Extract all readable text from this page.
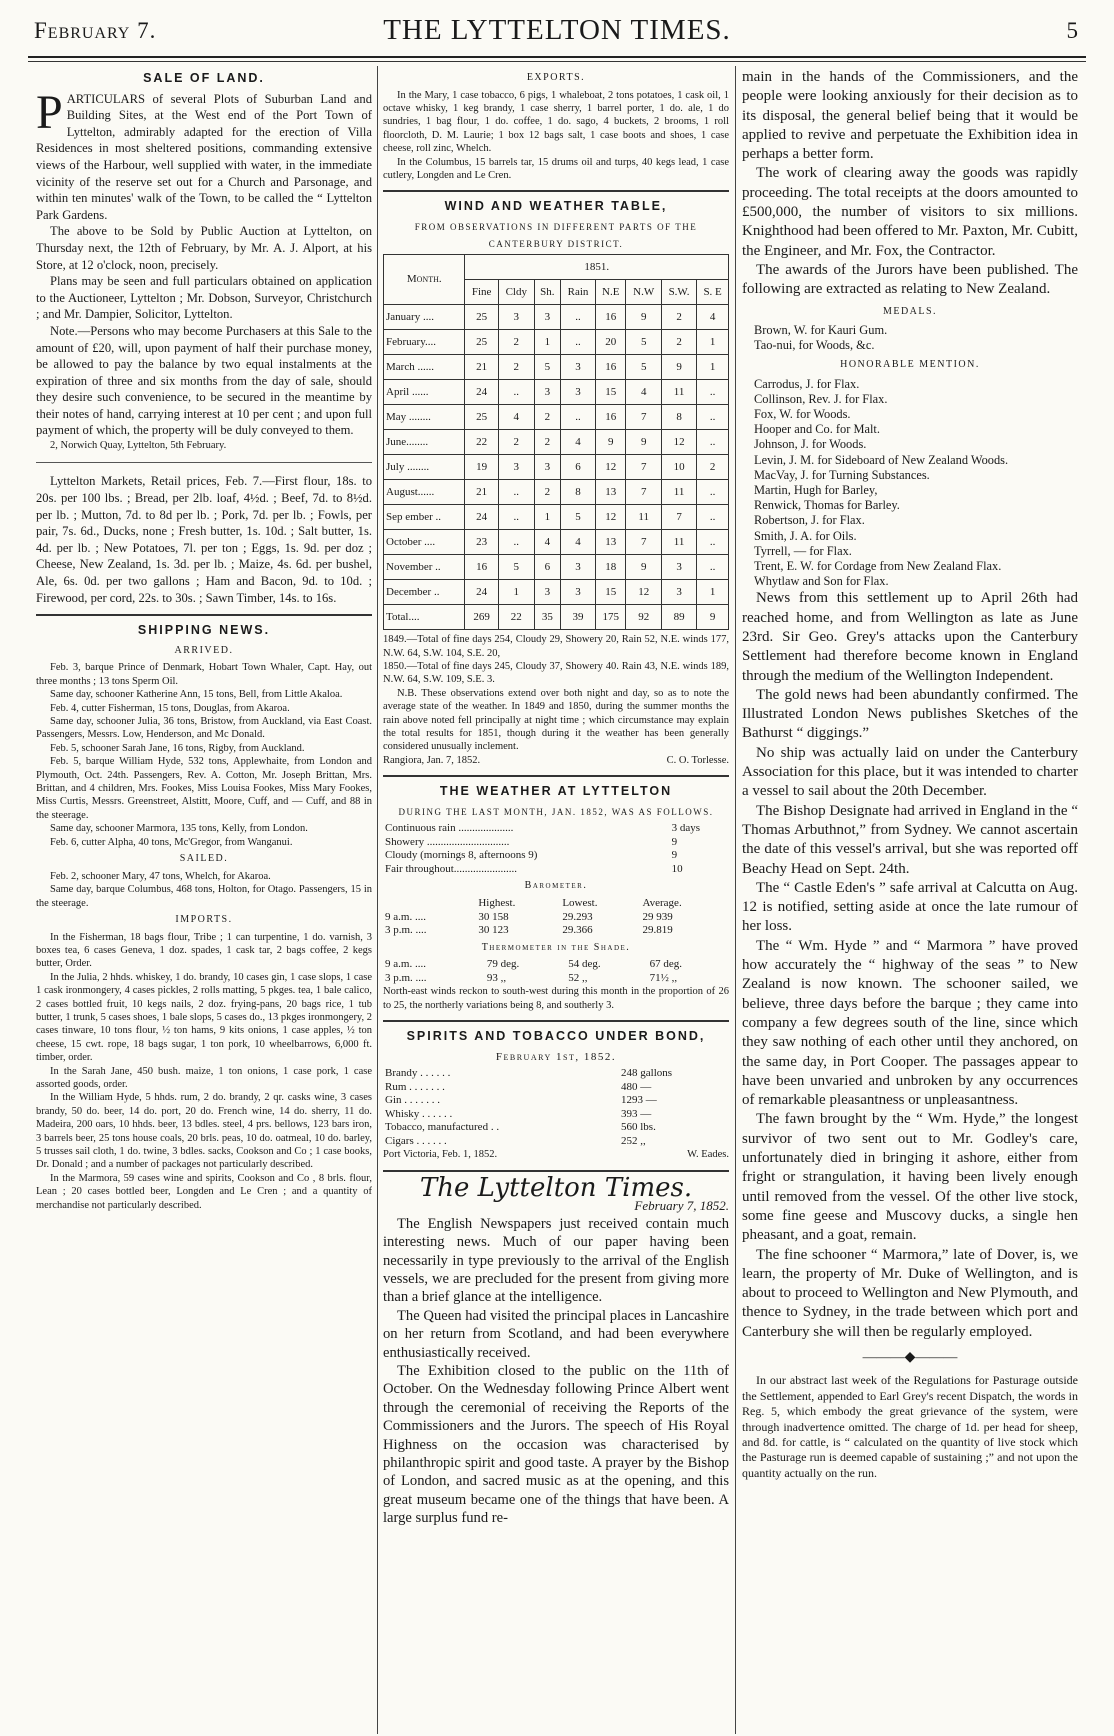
February 7.	THE LYTTELTON TIMES.	5
SALE OF LAND.

PARTICULARS of several Plots of Suburban Land and Building Sites, at the West end of the Port Town of Lyttelton, admirably adapted for the erection of Villa Residences in most sheltered positions, commanding extensive views of the Harbour, well supplied with water, in the immediate vicinity of the reserve set out for a Church and Parsonage, and within ten minutes' walk of the Town, to be called the “ Lyttelton Park Gardens.

The above to be Sold by Public Auction at Lyttelton, on Thursday next, the 12th of February, by Mr. A. J. Alport, at his Store, at 12 o'clock, noon, precisely.

Plans may be seen and full particulars obtained on application to the Auctioneer, Lyttelton ; Mr. Dobson, Surveyor, Christchurch ; and Mr. Dampier, Solicitor, Lyttelton.

Note.—Persons who may become Purchasers at this Sale to the amount of £20, will, upon payment of half their purchase money, be allowed to pay the balance by two equal instalments at the expiration of three and six months from the day of sale, should they desire such convenience, to be secured in the meantime by their notes of hand, carrying interest at 10 per cent ; and upon full payment of which, the property will be duly conveyed to them.

2, Norwich Quay, Lyttelton, 5th February.

Lyttelton Markets, Retail prices, Feb. 7.—First flour, 18s. to 20s. per 100 lbs. ; Bread, per 2lb. loaf, 4½d. ; Beef, 7d. to 8½d. per lb. ; Mutton, 7d. to 8d per lb. ; Pork, 7d. per lb. ; Fowls, per pair, 7s. 6d., Ducks, none ; Fresh butter, 1s. 10d. ; Salt butter, 1s. 4d. per lb. ; New Potatoes, 7l. per ton ; Eggs, 1s. 9d. per doz ; Cheese, New Zealand, 1s. 3d. per lb. ; Maize, 4s. 6d. per bushel, Ale, 6s. 0d. per two gallons ; Ham and Bacon, 9d. to 10d. ; Firewood, per cord, 22s. to 30s. ; Sawn Timber, 14s. to 16s.

SHIPPING NEWS.
ARRIVED.

Feb. 3, barque Prince of Denmark, Hobart Town Whaler, Capt. Hay, out three months ; 13 tons Sperm Oil.

Same day, schooner Katherine Ann, 15 tons, Bell, from Little Akaloa.

Feb. 4, cutter Fisherman, 15 tons, Douglas, from Akaroa.

Same day, schooner Julia, 36 tons, Bristow, from Auckland, via East Coast. Passengers, Messrs. Low, Henderson, and Mc Donald.

Feb. 5, schooner Sarah Jane, 16 tons, Rigby, from Auckland.

Feb. 5, barque William Hyde, 532 tons, Applewhaite, from London and Plymouth, Oct. 24th. Passengers, Rev. A. Cotton, Mr. Joseph Brittan, Mrs. Brittan, and 4 children, Mrs. Fookes, Miss Louisa Fookes, Miss Mary Fookes, Miss Curtis, Messrs. Greenstreet, Alstitt, Moore, Cuff, and — Cuff, and 88 in the steerage.

Same day, schooner Marmora, 135 tons, Kelly, from London.

Feb. 6, cutter Alpha, 40 tons, Mc'Gregor, from Wanganui.

SAILED.

Feb. 2, schooner Mary, 47 tons, Whelch, for Akaroa.

Same day, barque Columbus, 468 tons, Holton, for Otago. Passengers, 15 in the steerage.

IMPORTS.

In the Fisherman, 18 bags flour, Tribe ; 1 can turpentine, 1 do. varnish, 3 boxes tea, 6 cases Geneva, 1 doz. spades, 1 cask tar, 2 bags coffee, 2 kegs butter, Order.

In the Julia, 2 hhds. whiskey, 1 do. brandy, 10 cases gin, 1 case slops, 1 case 1 cask ironmongery, 4 cases pickles, 2 rolls matting, 5 pkges. tea, 1 bale calico, 2 cases bottled fruit, 10 kegs nails, 2 doz. frying-pans, 20 bags rice, 1 tub butter, 1 trunk, 5 cases shoes, 1 bale slops, 5 cases do., 13 pkges ironmongery, 2 cases tinware, 10 tons flour, ½ ton hams, 9 kits onions, 1 case apples, ½ ton cheese, 15 cwt. rope, 18 bags sugar, 1 ton pork, 10 wheelbarrows, 6,000 ft. timber, order.

In the Sarah Jane, 450 bush. maize, 1 ton onions, 1 case pork, 1 case assorted goods, order.

In the William Hyde, 5 hhds. rum, 2 do. brandy, 2 qr. casks wine, 3 cases brandy, 50 do. beer, 14 do. port, 20 do. French wine, 14 do. sherry, 11 do. Madeira, 200 oars, 10 hhds. beer, 13 bdles. steel, 4 prs. bellows, 123 bars iron, 3 barrels beer, 25 tons house coals, 20 brls. peas, 10 do. oatmeal, 10 do. barley, 5 trusses sail cloth, 1 do. twine, 3 bdles. sacks, Cookson and Co ; 1 case books, Dr. Donald ; and a number of packages not particularly described.

In the Marmora, 59 cases wine and spirits, Cookson and Co , 8 brls. flour, Lean ; 20 cases bottled beer, Longden and Le Cren ; and a quantity of merchandise not particularly described.

EXPORTS.

In the Mary, 1 case tobacco, 6 pigs, 1 whaleboat, 2 tons potatoes, 1 cask oil, 1 octave whisky, 1 keg brandy, 1 case sherry, 1 barrel porter, 1 do. ale, 1 do sundries, 1 bag flour, 1 do. coffee, 1 do. sago, 4 buckets, 2 brooms, 1 roll floorcloth, D. M. Laurie; 1 box 12 bags salt, 1 case boots and shoes, 1 case cheese, roll zinc, Whelch.

In the Columbus, 15 barrels tar, 15 drums oil and turps, 40 kegs lead, 1 case cutlery, Longden and Le Cren.

WIND AND WEATHER TABLE,
FROM OBSERVATIONS IN DIFFERENT PARTS OF THE CANTERBURY DISTRICT.
Month.	1851.							
	Fine	Cldy	Sh.	Rain	N.E	N.W	S.W.	S. E
January ....	25	3	3	..	16	9	2	4
February....	25	2	1	..	20	5	2	1
March ......	21	2	5	3	16	5	9	1
April ......	24	..	3	3	15	4	11	..
May ........	25	4	2	..	16	7	8	..
June........	22	2	2	4	9	9	12	..
July ........	19	3	3	6	12	7	10	2
August......	21	..	2	8	13	7	11	..
Sep ember ..	24	..	1	5	12	11	7	..
October ....	23	..	4	4	13	7	11	..
November ..	16	5	6	3	18	9	3	..
December ..	24	1	3	3	15	12	3	1
Total....	269	22	35	39	175	92	89	9

1849.—Total of fine days 254, Cloudy 29, Showery 20, Rain 52, N.E. winds 177, N.W. 64, S.W. 104, S.E. 20,

1850.—Total of fine days 245, Cloudy 37, Showery 40. Rain 43, N.E. winds 189, N.W. 64, S.W. 109, S.E. 3.

N.B. These observations extend over both night and day, so as to note the average state of the weather. In 1849 and 1850, during the summer months the rain above noted fell principally at night time ; which circumstance may explain the total results for 1851, though during it the weather has been generally considered unusually inclement.

Rangiora, Jan. 7, 1852.	C. O. Torlesse.
THE WEATHER AT LYTTELTON
DURING THE LAST MONTH, JAN. 1852, WAS AS FOLLOWS.
Continuous rain ....................	3 days
Showery ..............................	9
Cloudy (mornings 8, afternoons 9)	9
Fair throughout.......................	10
Barometer.
	Highest.	Lowest.	Average.
9 a.m. ....	30 158	29.293	29 939
3 p.m. ....	30 123	29.366	29.819
Thermometer in the Shade.
9 a.m. ....	79 deg.	54 deg.	67 deg.
3 p.m. ....	93 ,,	52 ,,	71½ ,,
North-east winds reckon to south-west during this month in the proportion of 26 to 25, the northerly variations being 8, and southerly 3.
SPIRITS AND TOBACCO UNDER BOND,
February 1st, 1852.
Brandy . . . . . .	248 gallons
Rum . . . . . . .	480 —
Gin . . . . . . .	1293 —
Whisky . . . . . .	393 —
Tobacco, manufactured . .	560 lbs.
Cigars . . . . . .	252 ,,
Port Victoria, Feb. 1, 1852.	W. Eades.
The Lyttelton Times.
February 7, 1852.

The English Newspapers just received contain much interesting news. Much of our paper having been necessarily in type previously to the arrival of the English vessels, we are precluded for the present from giving more than a brief glance at the intelligence.

The Queen had visited the principal places in Lancashire on her return from Scotland, and had been everywhere enthusiastically received.

The Exhibition closed to the public on the 11th of October. On the Wednesday following Prince Albert went through the ceremonial of receiving the Reports of the Commissioners and the Jurors. The speech of His Royal Highness on the occasion was characterised by philanthropic spirit and good taste. A prayer by the Bishop of London, and sacred music as at the opening, and this great museum became one of the things that have been. A large surplus fund re-

main in the hands of the Commissioners, and the people were looking anxiously for their decision as to its disposal, the general belief being that it would be applied to revive and perpetuate the Exhibition idea in perhaps a better form.

The work of clearing away the goods was rapidly proceeding. The total receipts at the doors amounted to £500,000, the number of visitors to six millions. Knighthood had been offered to Mr. Paxton, Mr. Cubitt, the Engineer, and Mr. Fox, the Contractor.

The awards of the Jurors have been published. The following are extracted as relating to New Zealand.

MEDALS.
Brown, W. for Kauri Gum.
Tao-nui, for Woods, &c.
HONORABLE MENTION.
Carrodus, J. for Flax.
Collinson, Rev. J. for Flax.
Fox, W. for Woods.
Hooper and Co. for Malt.
Johnson, J. for Woods.
Levin, J. M. for Sideboard of New Zealand Woods.
MacVay, J. for Turning Substances.
Martin, Hugh for Barley,
Renwick, Thomas for Barley.
Robertson, J. for Flax.
Smith, J. A. for Oils.
Tyrrell, — for Flax.
Trent, E. W. for Cordage from New Zealand Flax.
Whytlaw and Son for Flax.

News from this settlement up to April 26th had reached home, and from Wellington as late as June 23rd. Sir Geo. Grey's attacks upon the Canterbury Settlement had therefore become known in England through the medium of the Wellington Independent.

The gold news had been abundantly confirmed. The Illustrated London News publishes Sketches of the Bathurst “ diggings.”

No ship was actually laid on under the Canterbury Association for this place, but it was intended to charter a vessel to sail about the 20th December.

The Bishop Designate had arrived in England in the “ Thomas Arbuthnot,” from Sydney. We cannot ascertain the date of this vessel's arrival, but she was reported off Beachy Head on Sept. 24th.

The “ Castle Eden's ” safe arrival at Calcutta on Aug. 12 is notified, setting aside at once the late rumour of her loss.

The “ Wm. Hyde ” and “ Marmora ” have proved how accurately the “ highway of the seas ” to New Zealand is now known. The schooner sailed, we believe, three days before the barque ; they came into company a few degrees south of the line, since which they saw nothing of each other until they anchored, on the same day, in Port Cooper. The passages appear to have been unvaried and unbroken by any occurrences of remarkable pleasantness or unpleasantness.

The fawn brought by the “ Wm. Hyde,” the longest survivor of two sent out to Mr. Godley's care, unfortunately died in bringing it ashore, either from fright or strangulation, it having been lively enough until removed from the vessel. Of the other live stock, some fine geese and Muscovy ducks, a single hen pheasant, and a goat, remain.

The fine schooner “ Marmora,” late of Dover, is, we learn, the property of Mr. Duke of Wellington, and is about to proceed to Wellington and New Plymouth, and thence to Sydney, in the trade between which port and Canterbury she will then be regularly employed.

———◆———

In our abstract last week of the Regulations for Pasturage outside the Settlement, appended to Earl Grey's recent Dispatch, the words in Reg. 5, which embody the great grievance of the system, were through inadvertence omitted. The charge of 1d. per head for sheep, and 8d. for cattle, is “ calculated on the quantity of live stock which the Pasturage run is deemed capable of sustaining ;” and not upon the quantity actually on the run.
